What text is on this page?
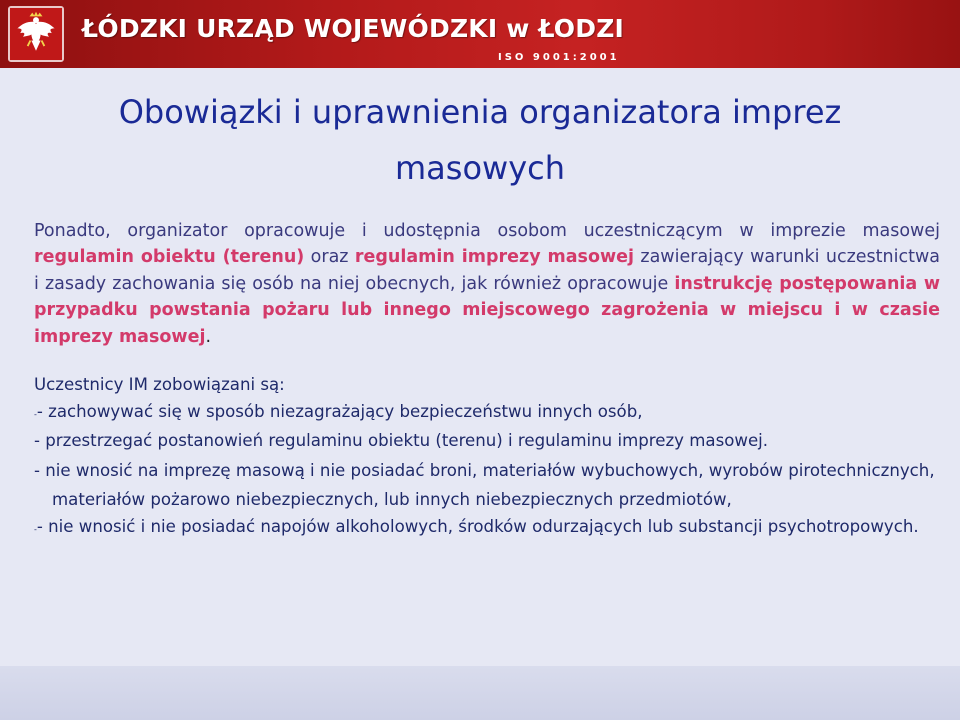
ŁÓDZKI URZĄD WOJEWÓDZKI w ŁODZI
ISO 9001:2001
Obowiązki i uprawnienia organizatora imprez masowych

Ponadto, organizator opracowuje i udostępnia osobom uczestniczącym w imprezie masowej regulamin obiektu (terenu) oraz regulamin imprezy masowej zawierający warunki uczestnictwa i zasady zachowania się osób na niej obecnych, jak również opracowuje instrukcję postępowania w przypadku powstania pożaru lub innego miejscowego zagrożenia w miejscu i w czasie imprezy masowej.

Uczestnicy IM zobowiązani są:

-- zachowywać się w sposób niezagrażający bezpieczeństwu innych osób,

- przestrzegać postanowień regulaminu obiektu (terenu) i regulaminu imprezy masowej.

- nie wnosić na imprezę masową i nie posiadać broni, materiałów wybuchowych, wyrobów pirotechnicznych, materiałów pożarowo niebezpiecznych, lub innych niebezpiecznych przedmiotów,

-- nie wnosić i nie posiadać napojów alkoholowych, środków odurzających lub substancji psychotropowych.
